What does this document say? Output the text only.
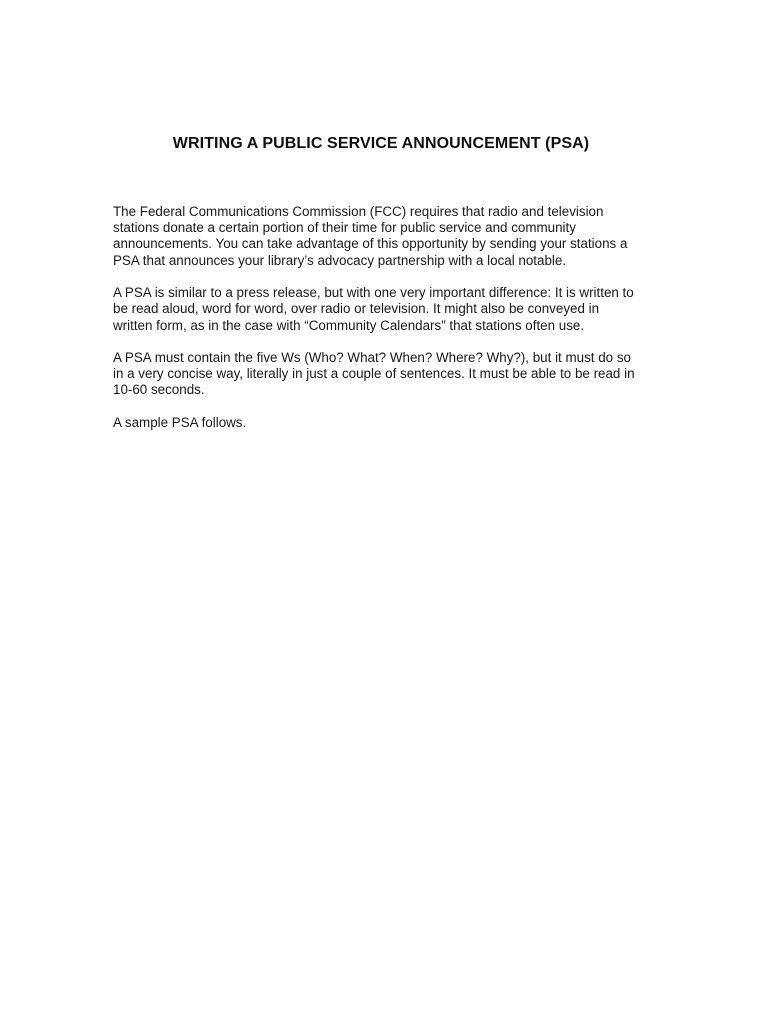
WRITING A PUBLIC SERVICE ANNOUNCEMENT (PSA)

The Federal Communications Commission (FCC) requires that radio and television
stations donate a certain portion of their time for public service and community
announcements. You can take advantage of this opportunity by sending your stations a
PSA that announces your library’s advocacy partnership with a local notable.

A PSA is similar to a press release, but with one very important difference: It is written to
be read aloud, word for word, over radio or television. It might also be conveyed in
written form, as in the case with “Community Calendars” that stations often use.

A PSA must contain the five Ws (Who? What? When? Where? Why?), but it must do so
in a very concise way, literally in just a couple of sentences. It must be able to be read in
10-60 seconds.

A sample PSA follows.
